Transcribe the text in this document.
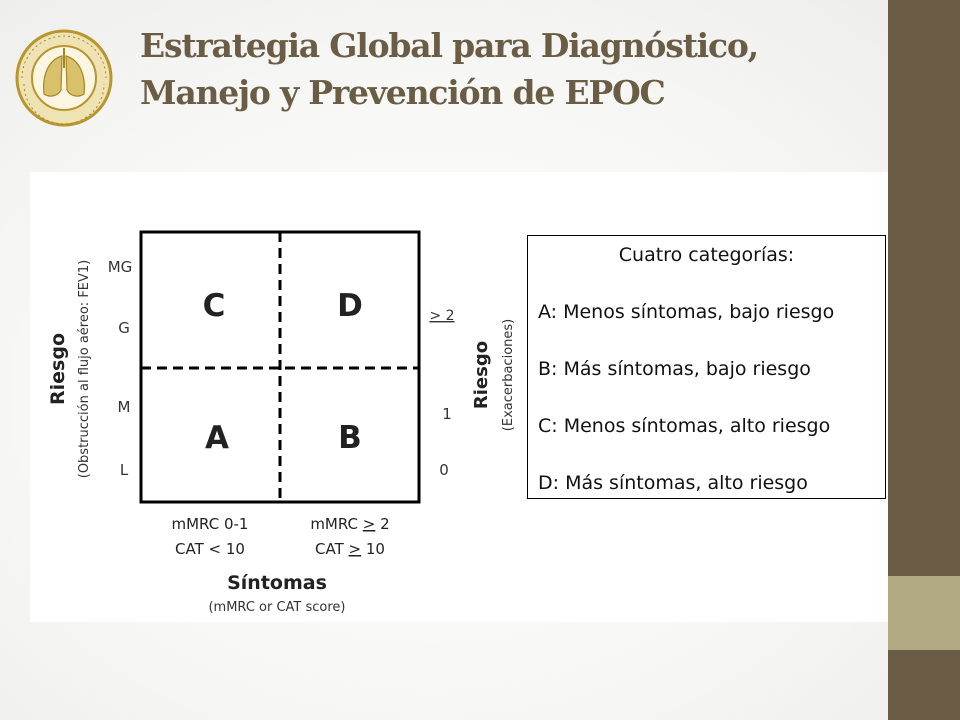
Estrategia Global para Diagnóstico,
Manejo y Prevención de EPOC
C	D
A	B
MG
G
M
L
Riesgo (Obstrucción al flujo aéreo: FEV1)	> 2
1
0
Riesgo (Exacerbaciones)
mMRC 0-1
CAT < 10
mMRC > 2
CAT > 10
Síntomas
(mMRC or CAT score)
Cuatro categorías:
A: Menos síntomas, bajo riesgo
B: Más síntomas, bajo riesgo
C: Menos síntomas, alto riesgo
D: Más síntomas, alto riesgo
